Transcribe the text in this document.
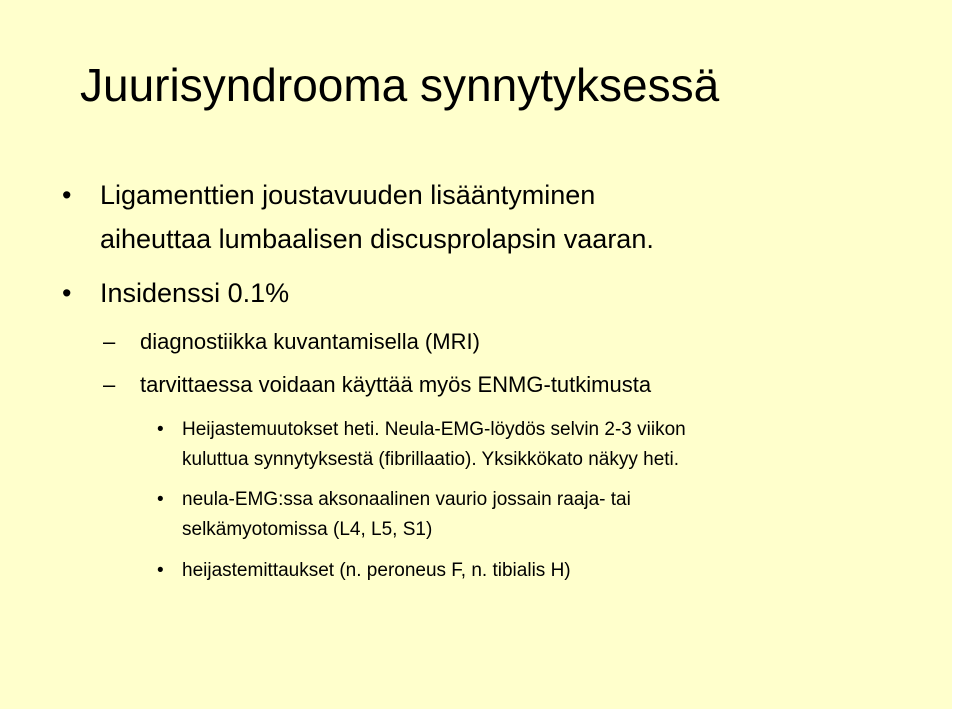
Juurisyndrooma synnytyksessä
• Ligamenttien joustavuuden lisääntyminen
aiheuttaa lumbaalisen discusprolapsin vaaran.
• Insidenssi 0.1%
– diagnostiikka kuvantamisella (MRI)
– tarvittaessa voidaan käyttää myös ENMG-tutkimusta
• Heijastemuutokset heti. Neula-EMG-löydös selvin 2-3 viikon
kuluttua synnytyksestä (fibrillaatio). Yksikkökato näkyy heti.
• neula-EMG:ssa aksonaalinen vaurio jossain raaja- tai
selkämyotomissa (L4, L5, S1)
• heijastemittaukset (n. peroneus F, n. tibialis H)
